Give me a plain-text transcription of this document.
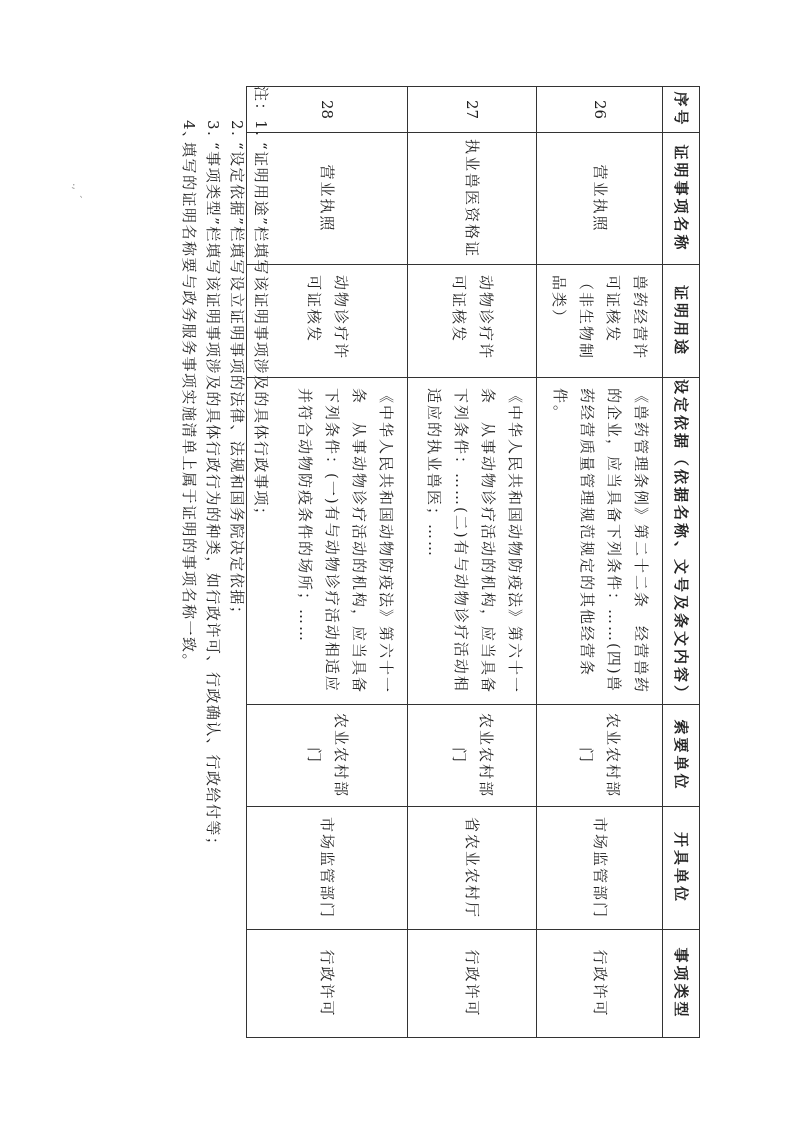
序号	证明事项名称	证明用途	设定依据（依据名称、文号及条文内容）	索要单位	开具单位	事项类型
26	营业执照	兽药经营许可证核发（非生物制品类）	《兽药管理条例》第二十二条　经营兽药的企业，应当具备下列条件：……(四)兽药经营质量管理规范规定的其他经营条件。	农业农村部门	市场监管部门	行政许可
27	执业兽医资格证	动物诊疗许可证核发	《中华人民共和国动物防疫法》第六十一条　从事动物诊疗活动的机构，应当具备下列条件：……(二)有与动物诊疗活动相适应的执业兽医；……	农业农村部门	省农业农村厅	行政许可
28	营业执照	动物诊疗许可证核发	《中华人民共和国动物防疫法》第六十一条　从事动物诊疗活动的机构，应当具备下列条件：(一)有与动物诊疗活动相适应并符合动物防疫条件的场所；……	农业农村部门	市场监管部门	行政许可
注：
1.
“证明用途”栏填写该证明事项涉及的具体行政事项；
2.
“设定依据”栏填写设立证明事项的法律、法规和国务院决定依据；
3.
“事项类型”栏填写该证明事项涉及的具体行政行为的种类，如行政许可、行政确认、行政给付等；
4、
填写的证明名称要与政务服务事项实施清单上属于证明的事项名称一致。
., ˊ
